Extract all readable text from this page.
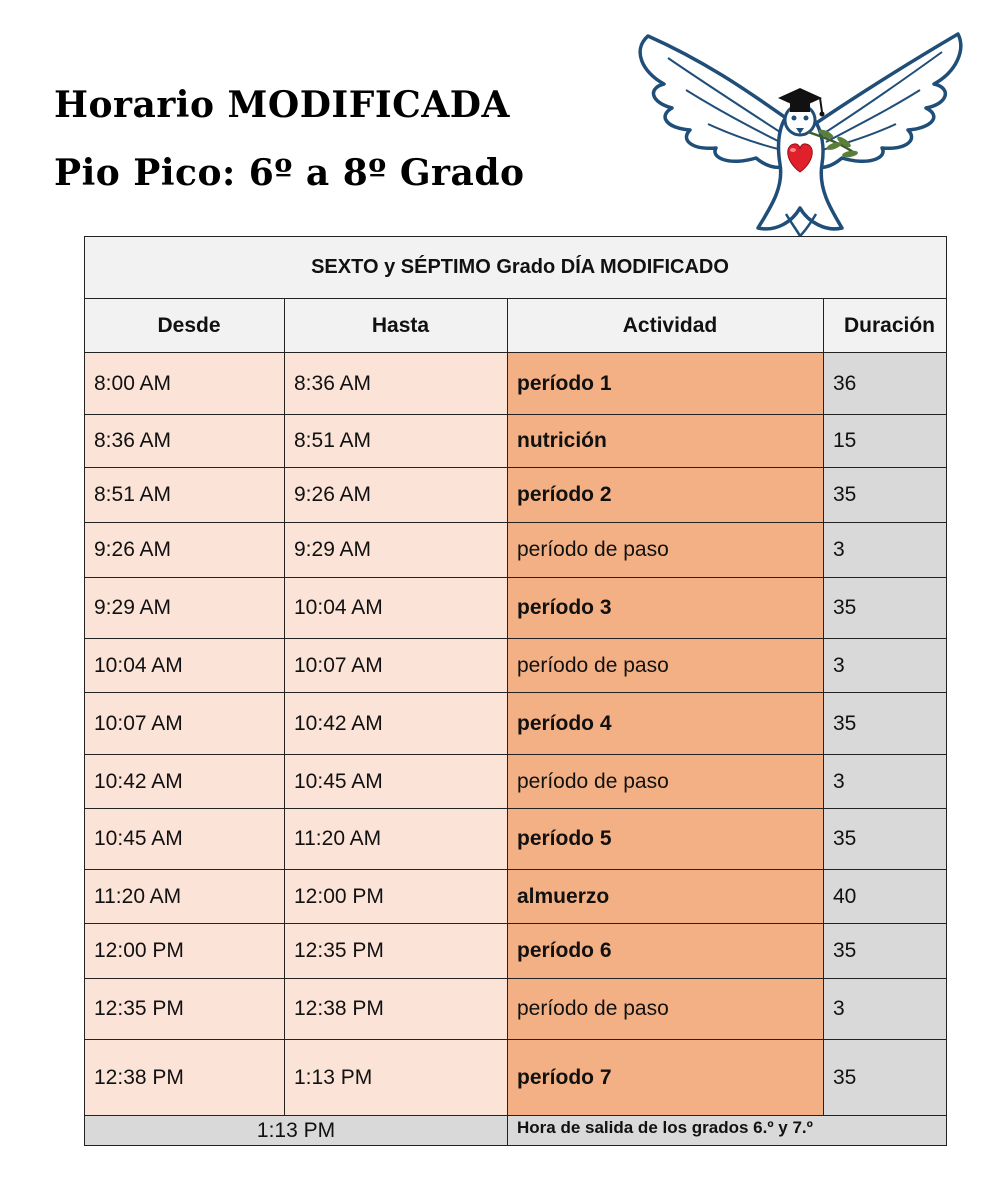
Horario MODIFICADA
Pio Pico: 6º a 8º Grado
SEXTO y SÉPTIMO Grado DÍA MODIFICADO			
Desde	Hasta	Actividad	Duración
8:00 AM	8:36 AM	período 1	36
8:36 AM	8:51 AM	nutrición	15
8:51 AM	9:26 AM	período 2	35
9:26 AM	9:29 AM	período de paso	3
9:29 AM	10:04 AM	período 3	35
10:04 AM	10:07 AM	período de paso	3
10:07 AM	10:42 AM	período 4	35
10:42 AM	10:45 AM	período de paso	3
10:45 AM	11:20 AM	período 5	35
11:20 AM	12:00 PM	almuerzo	40
12:00 PM	12:35 PM	período 6	35
12:35 PM	12:38 PM	período de paso	3
12:38 PM	1:13 PM	período 7	35
1:13 PM		Hora de salida de los grados 6.º y 7.º	
